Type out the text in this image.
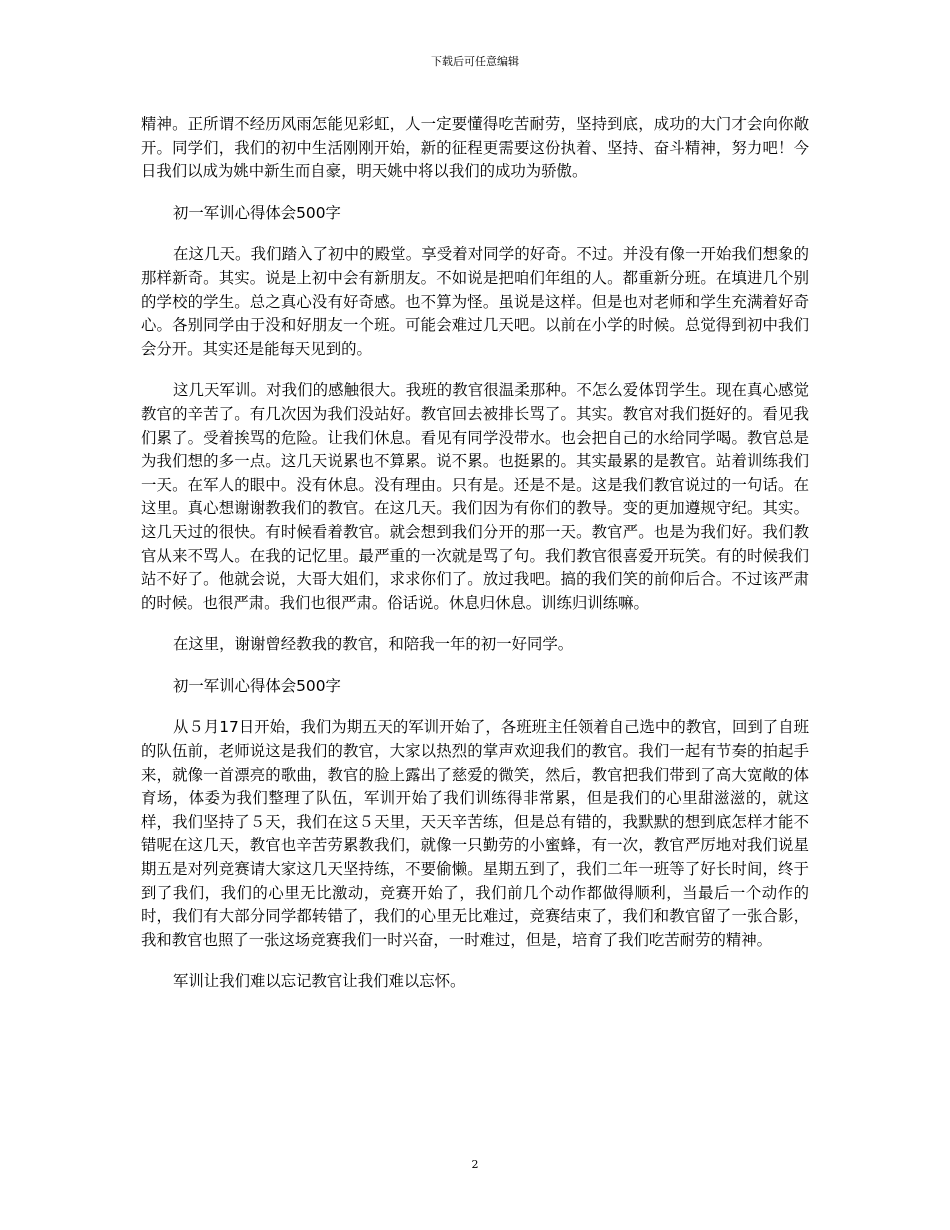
下载后可任意编辑

精神。正所谓不经历风雨怎能见彩虹，人一定要懂得吃苦耐劳，坚持到底，成功的大门才会向你敞开。同学们，我们的初中生活刚刚开始，新的征程更需要这份执着、坚持、奋斗精神，努力吧！今日我们以成为姚中新生而自豪，明天姚中将以我们的成功为骄傲。

初一军训心得体会500字

在这几天。我们踏入了初中的殿堂。享受着对同学的好奇。不过。并没有像一开始我们想象的那样新奇。其实。说是上初中会有新朋友。不如说是把咱们年组的人。都重新分班。在填进几个别的学校的学生。总之真心没有好奇感。也不算为怪。虽说是这样。但是也对老师和学生充满着好奇心。各别同学由于没和好朋友一个班。可能会难过几天吧。以前在小学的时候。总觉得到初中我们会分开。其实还是能每天见到的。

这几天军训。对我们的感触很大。我班的教官很温柔那种。不怎么爱体罚学生。现在真心感觉教官的辛苦了。有几次因为我们没站好。教官回去被排长骂了。其实。教官对我们挺好的。看见我们累了。受着挨骂的危险。让我们休息。看见有同学没带水。也会把自己的水给同学喝。教官总是为我们想的多一点。这几天说累也不算累。说不累。也挺累的。其实最累的是教官。站着训练我们一天。在军人的眼中。没有休息。没有理由。只有是。还是不是。这是我们教官说过的一句话。在这里。真心想谢谢教我们的教官。在这几天。我们因为有你们的教导。变的更加遵规守纪。其实。这几天过的很快。有时候看着教官。就会想到我们分开的那一天。教官严。也是为我们好。我们教官从来不骂人。在我的记忆里。最严重的一次就是骂了句。我们教官很喜爱开玩笑。有的时候我们站不好了。他就会说，大哥大姐们，求求你们了。放过我吧。搞的我们笑的前仰后合。不过该严肃的时候。也很严肃。我们也很严肃。俗话说。休息归休息。训练归训练嘛。

在这里，谢谢曾经教我的教官，和陪我一年的初一好同学。

初一军训心得体会500字

从５月17日开始，我们为期五天的军训开始了，各班班主任领着自己选中的教官，回到了自班的队伍前，老师说这是我们的教官，大家以热烈的掌声欢迎我们的教官。我们一起有节奏的拍起手来，就像一首漂亮的歌曲，教官的脸上露出了慈爱的微笑，然后，教官把我们带到了高大宽敞的体育场，体委为我们整理了队伍，军训开始了我们训练得非常累，但是我们的心里甜滋滋的，就这样，我们坚持了５天，我们在这５天里，天天辛苦练，但是总有错的，我默默的想到底怎样才能不错呢在这几天，教官也辛苦劳累教我们，就像一只勤劳的小蜜蜂，有一次，教官严厉地对我们说星期五是对列竞赛请大家这几天坚持练，不要偷懒。星期五到了，我们二年一班等了好长时间，终于到了我们，我们的心里无比激动，竞赛开始了，我们前几个动作都做得顺利，当最后一个动作的时，我们有大部分同学都转错了，我们的心里无比难过，竞赛结束了，我们和教官留了一张合影，我和教官也照了一张这场竞赛我们一时兴奋，一时难过，但是，培育了我们吃苦耐劳的精神。

军训让我们难以忘记教官让我们难以忘怀。

2
